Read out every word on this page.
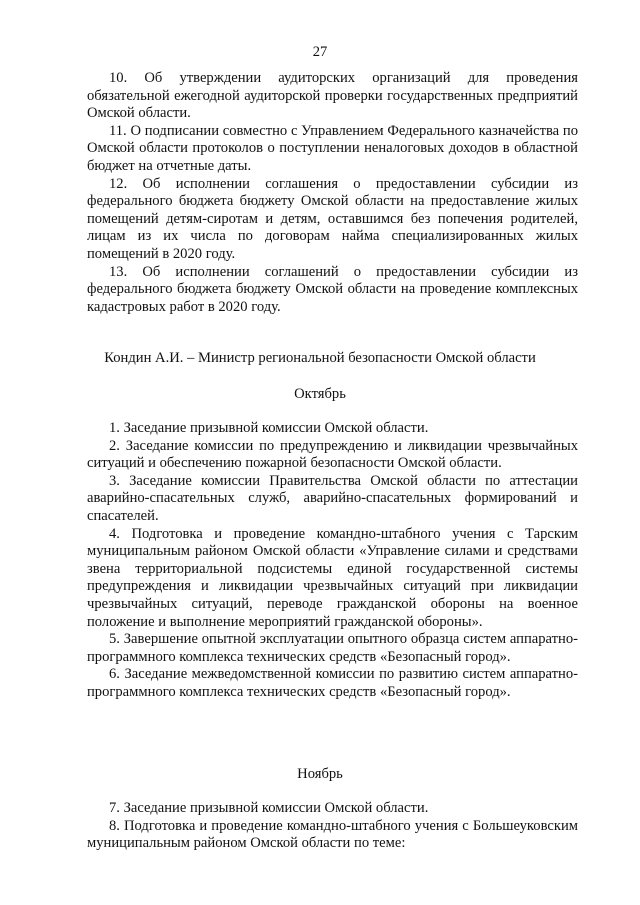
27

10. Об утверждении аудиторских организаций для проведения обязательной ежегодной аудиторской проверки государственных предприятий Омской области.

11. О подписании совместно с Управлением Федерального казначейства по Омской области протоколов о поступлении неналоговых доходов в областной бюджет на отчетные даты.

12. Об исполнении соглашения о предоставлении субсидии из федерального бюджета бюджету Омской области на предоставление жилых помещений детям-сиротам и детям, оставшимся без попечения родителей, лицам из их числа по договорам найма специализированных жилых помещений в 2020 году.

13. Об исполнении соглашений о предоставлении субсидии из федерального бюджета бюджету Омской области на проведение комплексных кадастровых работ в 2020 году.

Кондин А.И. – Министр региональной безопасности Омской области
Октябрь

1. Заседание призывной комиссии Омской области.

2. Заседание комиссии по предупреждению и ликвидации чрезвычайных ситуаций и обеспечению пожарной безопасности Омской области.

3. Заседание комиссии Правительства Омской области по аттестации аварийно-спасательных служб, аварийно-спасательных формирований и спасателей.

4. Подготовка и проведение командно-штабного учения с Тарским муниципальным районом Омской области «Управление силами и средствами звена территориальной подсистемы единой государственной системы предупреждения и ликвидации чрезвычайных ситуаций при ликвидации чрезвычайных ситуаций, переводе гражданской обороны на военное положение и выполнение мероприятий гражданской обороны».

5. Завершение опытной эксплуатации опытного образца систем аппаратно-программного комплекса технических средств «Безопасный город».

6. Заседание межведомственной комиссии по развитию систем аппаратно-программного комплекса технических средств «Безопасный город».

Ноябрь

7. Заседание призывной комиссии Омской области.

8. Подготовка и проведение командно-штабного учения с Большеуковским муниципальным районом Омской области по теме:
